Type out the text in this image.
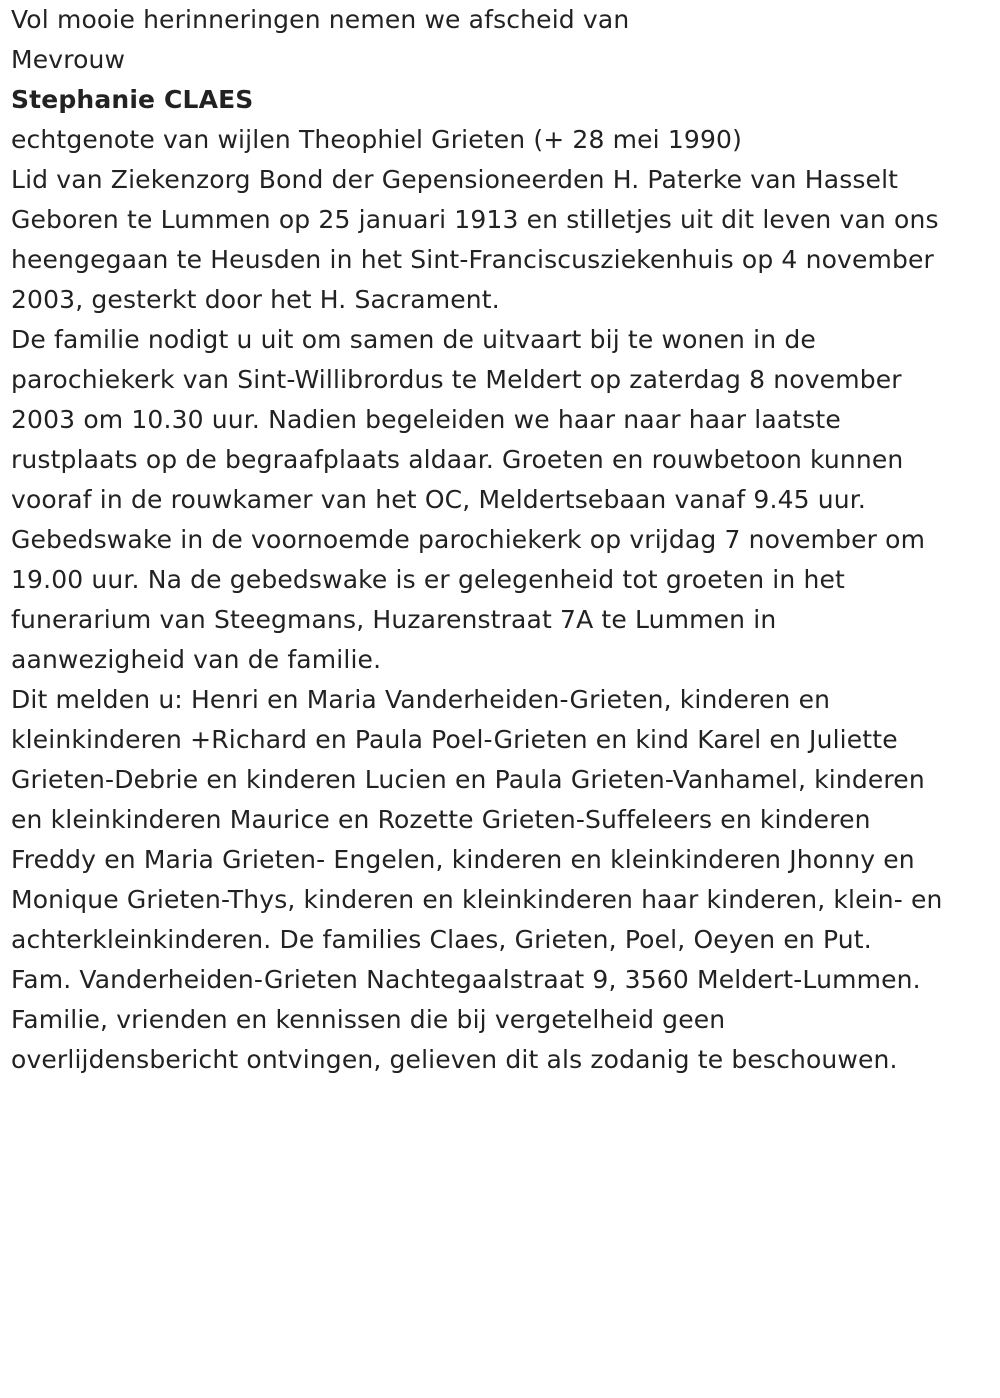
Vol mooie herinneringen nemen we afscheid van

Mevrouw

Stephanie CLAES

echtgenote van wijlen Theophiel Grieten (+ 28 mei 1990)

Lid van Ziekenzorg Bond der Gepensioneerden H. Paterke van Hasselt

Geboren te Lummen op 25 januari 1913 en stilletjes uit dit leven van ons
heengegaan te Heusden in het Sint-Franciscusziekenhuis op 4 november
2003, gesterkt door het H. Sacrament.

De familie nodigt u uit om samen de uitvaart bij te wonen in de
parochiekerk van Sint-Willibrordus te Meldert op zaterdag 8 november
2003 om 10.30 uur. Nadien begeleiden we haar naar haar laatste
rustplaats op de begraafplaats aldaar. Groeten en rouwbetoon kunnen
vooraf in de rouwkamer van het OC, Meldertsebaan vanaf 9.45 uur.
Gebedswake in de voornoemde parochiekerk op vrijdag 7 november om
19.00 uur. Na de gebedswake is er gelegenheid tot groeten in het
funerarium van Steegmans, Huzarenstraat 7A te Lummen in
aanwezigheid van de familie.

Dit melden u: Henri en Maria Vanderheiden-Grieten, kinderen en
kleinkinderen +Richard en Paula Poel-Grieten en kind Karel en Juliette
Grieten-Debrie en kinderen Lucien en Paula Grieten-Vanhamel, kinderen
en kleinkinderen Maurice en Rozette Grieten-Suffeleers en kinderen
Freddy en Maria Grieten- Engelen, kinderen en kleinkinderen Jhonny en
Monique Grieten-Thys, kinderen en kleinkinderen haar kinderen, klein- en
achterkleinkinderen. De families Claes, Grieten, Poel, Oeyen en Put.

Fam. Vanderheiden-Grieten Nachtegaalstraat 9, 3560 Meldert-Lummen.

Familie, vrienden en kennissen die bij vergetelheid geen
overlijdensbericht ontvingen, gelieven dit als zodanig te beschouwen.
